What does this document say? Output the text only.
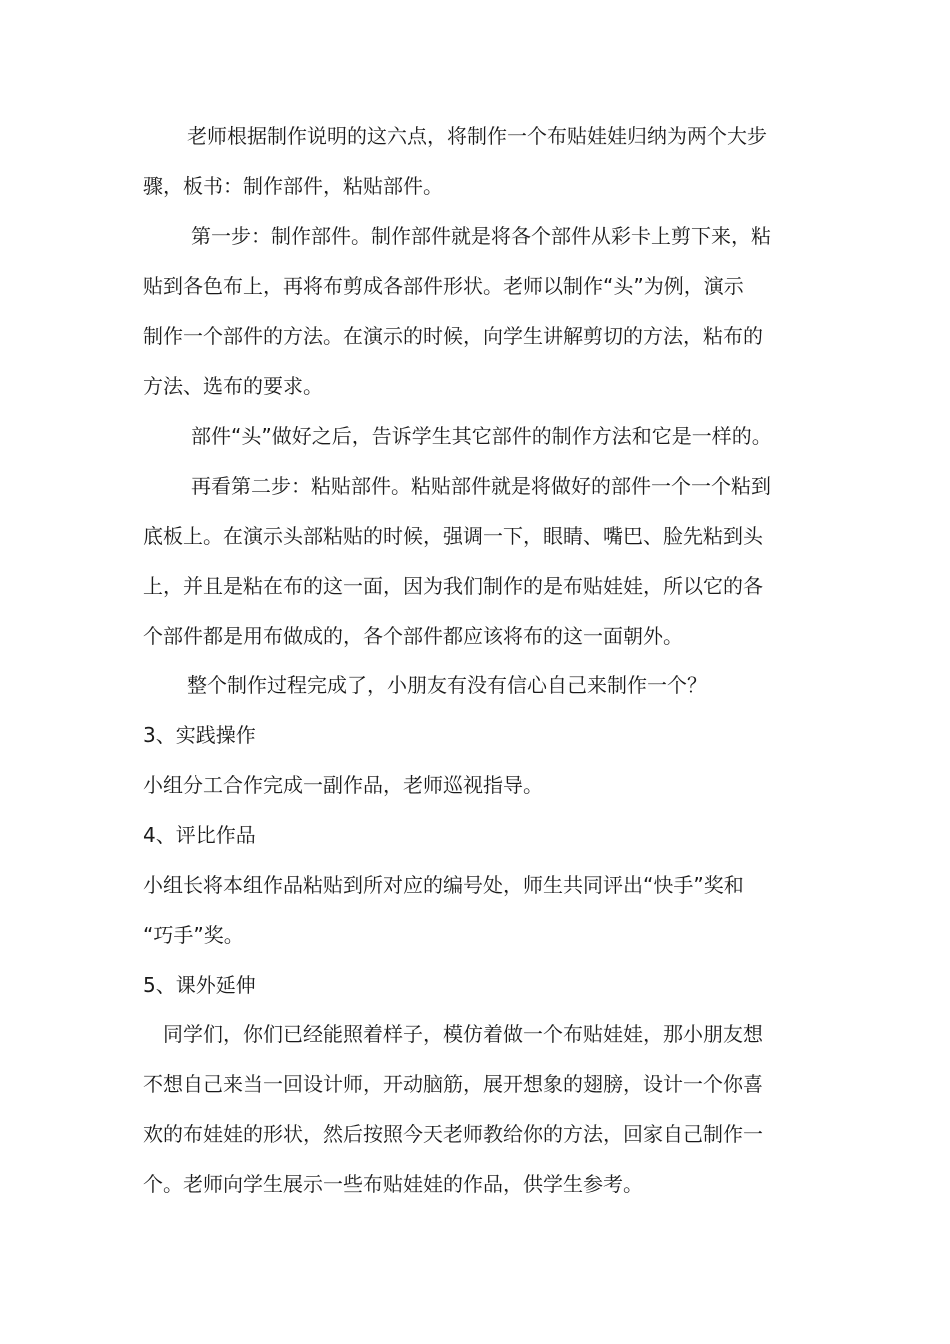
老师根据制作说明的这六点，将制作一个布贴娃娃归纳为两个大步
骤，板书：制作部件，粘贴部件。
第一步：制作部件。制作部件就是将各个部件从彩卡上剪下来，粘
贴到各色布上，再将布剪成各部件形状。老师以制作“头”为例，演示
制作一个部件的方法。在演示的时候，向学生讲解剪切的方法，粘布的
方法、选布的要求。
部件“头”做好之后，告诉学生其它部件的制作方法和它是一样的。
再看第二步：粘贴部件。粘贴部件就是将做好的部件一个一个粘到
底板上。在演示头部粘贴的时候，强调一下，眼睛、嘴巴、脸先粘到头
上，并且是粘在布的这一面，因为我们制作的是布贴娃娃，所以它的各
个部件都是用布做成的，各个部件都应该将布的这一面朝外。
整个制作过程完成了，小朋友有没有信心自己来制作一个？
3、实践操作
小组分工合作完成一副作品，老师巡视指导。
4、评比作品
小组长将本组作品粘贴到所对应的编号处，师生共同评出“快手”奖和
“巧手”奖。
5、课外延伸
同学们，你们已经能照着样子，模仿着做一个布贴娃娃，那小朋友想
不想自己来当一回设计师，开动脑筋，展开想象的翅膀，设计一个你喜
欢的布娃娃的形状，然后按照今天老师教给你的方法，回家自己制作一
个。老师向学生展示一些布贴娃娃的作品，供学生参考。
